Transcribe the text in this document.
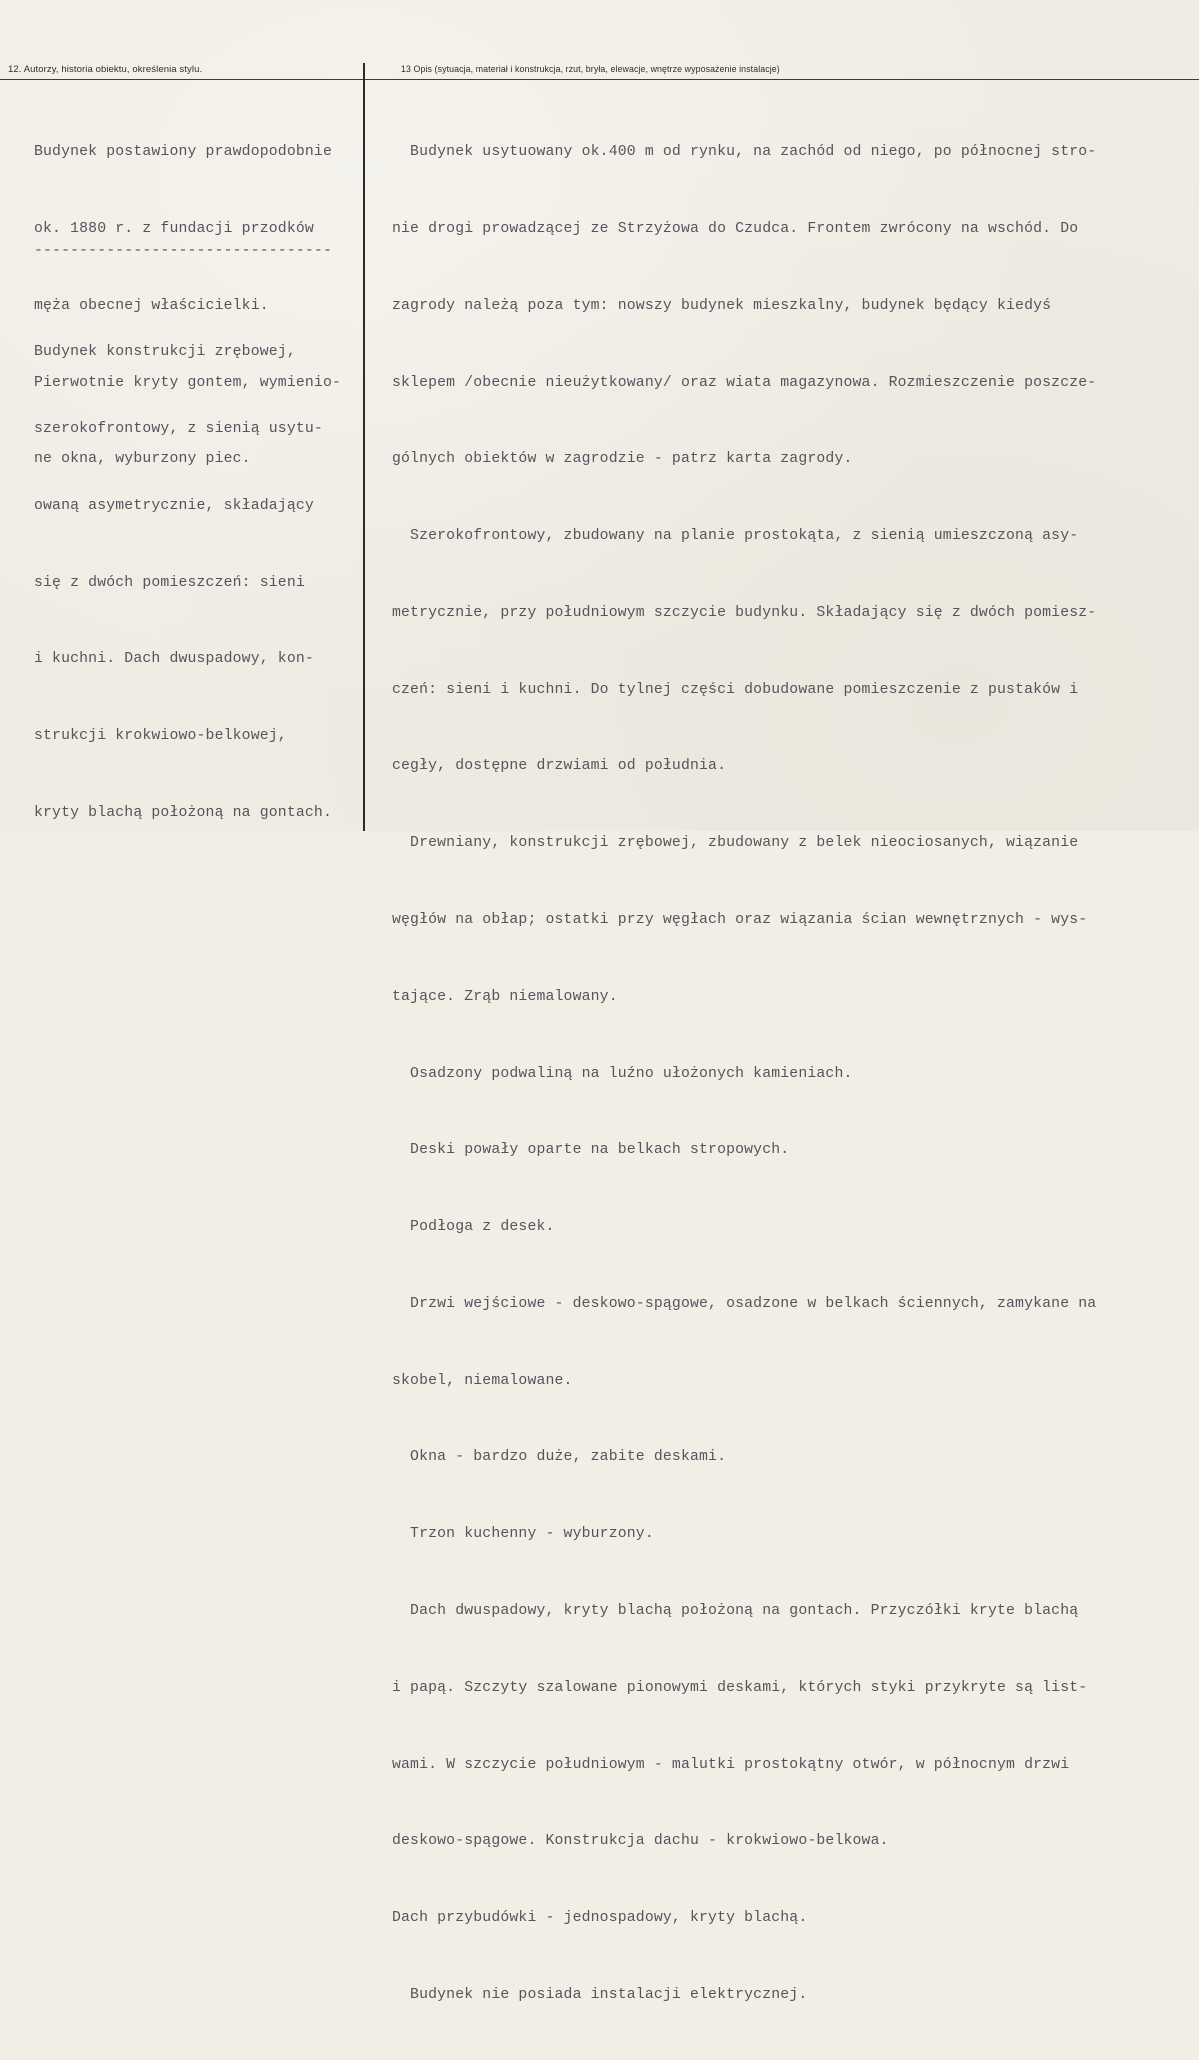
12. Autorzy, historia obiektu, określenia stylu.	13 Opis (sytuacja, materiał i konstrukcja, rzut, bryła, elewacje, wnętrze wyposażenie instalacje)

Budynek postawiony prawdopodobnie

ok. 1880 r. z fundacji przodków

męża obecnej właścicielki.

Pierwotnie kryty gontem, wymienio-

ne okna, wyburzony piec.

---------------------------------

Budynek konstrukcji zrębowej,

szerokofrontowy, z sienią usytu-

owaną asymetrycznie, składający

się z dwóch pomieszczeń: sieni

i kuchni. Dach dwuspadowy, kon-

strukcji krokwiowo-belkowej,

kryty blachą położoną na gontach.

Budynek usytuowany ok.400 m od rynku, na zachód od niego, po północnej stro-

nie drogi prowadzącej ze Strzyżowa do Czudca. Frontem zwrócony na wschód. Do

zagrody należą poza tym: nowszy budynek mieszkalny, budynek będący kiedyś

sklepem /obecnie nieużytkowany/ oraz wiata magazynowa. Rozmieszczenie poszcze-

gólnych obiektów w zagrodzie - patrz karta zagrody.

Szerokofrontowy, zbudowany na planie prostokąta, z sienią umieszczoną asy-

metrycznie, przy południowym szczycie budynku. Składający się z dwóch pomiesz-

czeń: sieni i kuchni. Do tylnej części dobudowane pomieszczenie z pustaków i

cegły, dostępne drzwiami od południa.

Drewniany, konstrukcji zrębowej, zbudowany z belek nieociosanych, wiązanie

węgłów na obłap; ostatki przy węgłach oraz wiązania ścian wewnętrznych - wys-

tające. Zrąb niemalowany.

Osadzony podwaliną na luźno ułożonych kamieniach.

Deski powały oparte na belkach stropowych.

Podłoga z desek.

Drzwi wejściowe - deskowo-spągowe, osadzone w belkach ściennych, zamykane na

skobel, niemalowane.

Okna - bardzo duże, zabite deskami.

Trzon kuchenny - wyburzony.

Dach dwuspadowy, kryty blachą położoną na gontach. Przyczółki kryte blachą

i papą. Szczyty szalowane pionowymi deskami, których styki przykryte są list-

wami. W szczycie południowym - malutki prostokątny otwór, w północnym drzwi

deskowo-spągowe. Konstrukcja dachu - krokwiowo-belkowa.

Dach przybudówki - jednospadowy, kryty blachą.

Budynek nie posiada instalacji elektrycznej.
